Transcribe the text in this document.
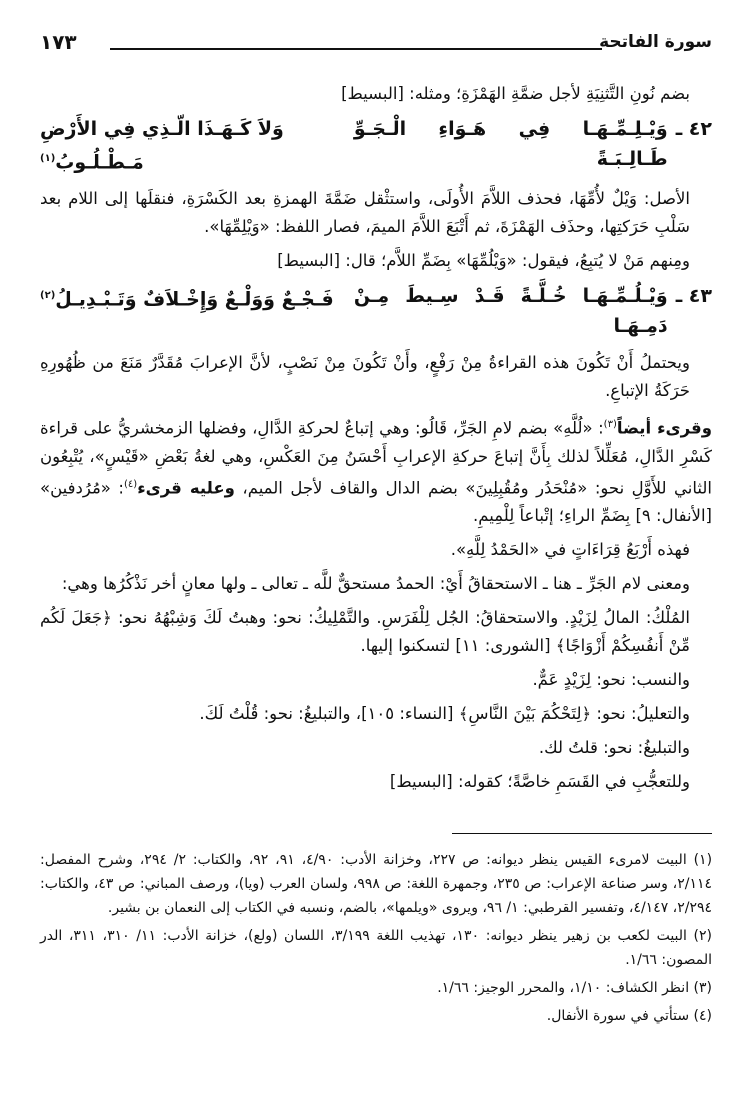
سورة الفاتحة
١٧٣

بضم نُونِ التَّثنِيَةِ لأجل ضمَّةِ الهَمْزَةِ؛ ومثله: [البسيط]

٤٢ ـ
وَيْـلِـمِّـهَـا فِي هَـوَاءِ الْـجَـوِّ طَـالِـبَـةً
وَلاَ كَـهَـذَا الّـذِي فِي الأَرْضِ مَـطْـلُـوبُ$^{(١)}$

الأصل: وَيْلٌ لأُمِّهَا، فحذف اللاَّمَ الأُولَى، واستثْقل ضَمَّةَ الهمزةِ بعد الكَسْرَةِ، فنقلَها إلى اللام بعد سَلْبِ حَرَكتِها، وحذَف الهَمْزَةَ، ثم أَتْبَعَ اللاَّمَ الميمَ، فصار اللفظ: «وَيْلِمِّهَا».

ومِنهم مَنْ لا يُتبِعُ، فيقول: «وَيْلُمِّهَا» بِضَمِّ اللاَّم؛ قال: [البسيط]

٤٣ ـ
وَيْـلُـمِّـهَـا خُـلَّـةً قَـدْ سِـيطَ مِـنْ دَمِـهَـا
فَـجْـعٌ وَوَلْـعٌ وَإِخْـلاَفٌ وَتَـبْـدِيـلُ$^{(٢)}$

ويحتملُ أَنْ تَكُونَ هذه القراءةُ مِنْ رَفْعٍ، وأَنْ تَكُونَ مِنْ نَصْبٍ، لأنَّ الإعرابَ مُقَدَّرٌ مَنَعَ من ظُهُورِهِ حَرَكَةُ الإتباعِ.

وقرىء أيضاً$^{(٣)}$: «لُلَّهِ» بضم لامِ الجَرِّ، قَالُو: وهي إتباعٌ لحركةِ الدَّالِ، وفضلها الزمخشريُّ على قراءة كَسْرِ الدَّالِ، مُعَلِّلاً لذلك بِأَنَّ إتباعَ حركةِ الإعرابِ أَحْسَنُ مِنَ العَكْسِ، وهي لغةُ بَعْضِ «قَيْسٍ»، يُتْبِعُون الثاني للأَوَّلِ نحو: «مُنْحَدُر ومُقُبِلِينَ» بضم الدال والقاف لأجل الميم، وعليه قرىء$^{(٤)}$: «مُرُدفين» [الأنفال: ٩] بِضَمِّ الراءِ؛ إتْباعاً لِلْمِيمِ.

فهذه أَرْبَعُ قِرَاءَاتٍ في «الحَمْدُ لِلَّهِ».

ومعنى لام الجَرِّ ـ هنا ـ الاستحقاقُ أَيْ: الحمدُ مستحقٌّ للَّه ـ تعالى ـ ولها معانٍ أخر نَذْكُرُها وهي:

المُلْكُ: المالُ لِزَيْدٍ. والاستحقاقُ: الجُل لِلْفَرَسِ. والتَّمْلِيكُ: نحو: وهبتُ لَكَ وَشِبْهُهُ نحو: ﴿جَعَلَ لَكُم مِّنْ أَنفُسِكُمْ أَزْوَاجًا﴾ [الشورى: ١١] لتسكنوا إليها.

والنسب: نحو: لِزَيْدٍ عَمٌّ.

والتعليلُ: نحو: ﴿لِتَحْكُمَ بَيْنَ النَّاسِ﴾ [النساء: ١٠٥]، والتبليغُ: نحو: قُلْتُ لَكَ.

والتبليغُ: نحو: قلتُ لك.

وللتعجُّبِ في القَسَمِ خاصَّةً؛ كقوله: [البسيط]

(١) البيت لامرىء القيس ينظر ديوانه: ص ٢٢٧، وخزانة الأدب: ٤/٩٠، ٩١، ٩٢، والكتاب: ٢/ ٢٩٤، وشرح المفصل: ٢/١١٤، وسر صناعة الإعراب: ص ٢٣٥، وجمهرة اللغة: ص ٩٩٨، ولسان العرب (ويا)، ورصف المباني: ص ٤٣، والكتاب: ٢/٢٩٤، ٤/١٤٧، وتفسير القرطبي: ١/ ٩٦، ويروى «ويلمها»، بالضم، ونسبه في الكتاب إلى النعمان بن بشير.

(٢) البيت لكعب بن زهير ينظر ديوانه: ١٣٠، تهذيب اللغة ٣/١٩٩، اللسان (ولع)، خزانة الأدب: ١١/ ٣١٠، ٣١١، الدر المصون: ١/٦٦.

(٣) انظر الكشاف: ١/١٠، والمحرر الوجيز: ١/٦٦.

(٤) ستأتي في سورة الأنفال.
